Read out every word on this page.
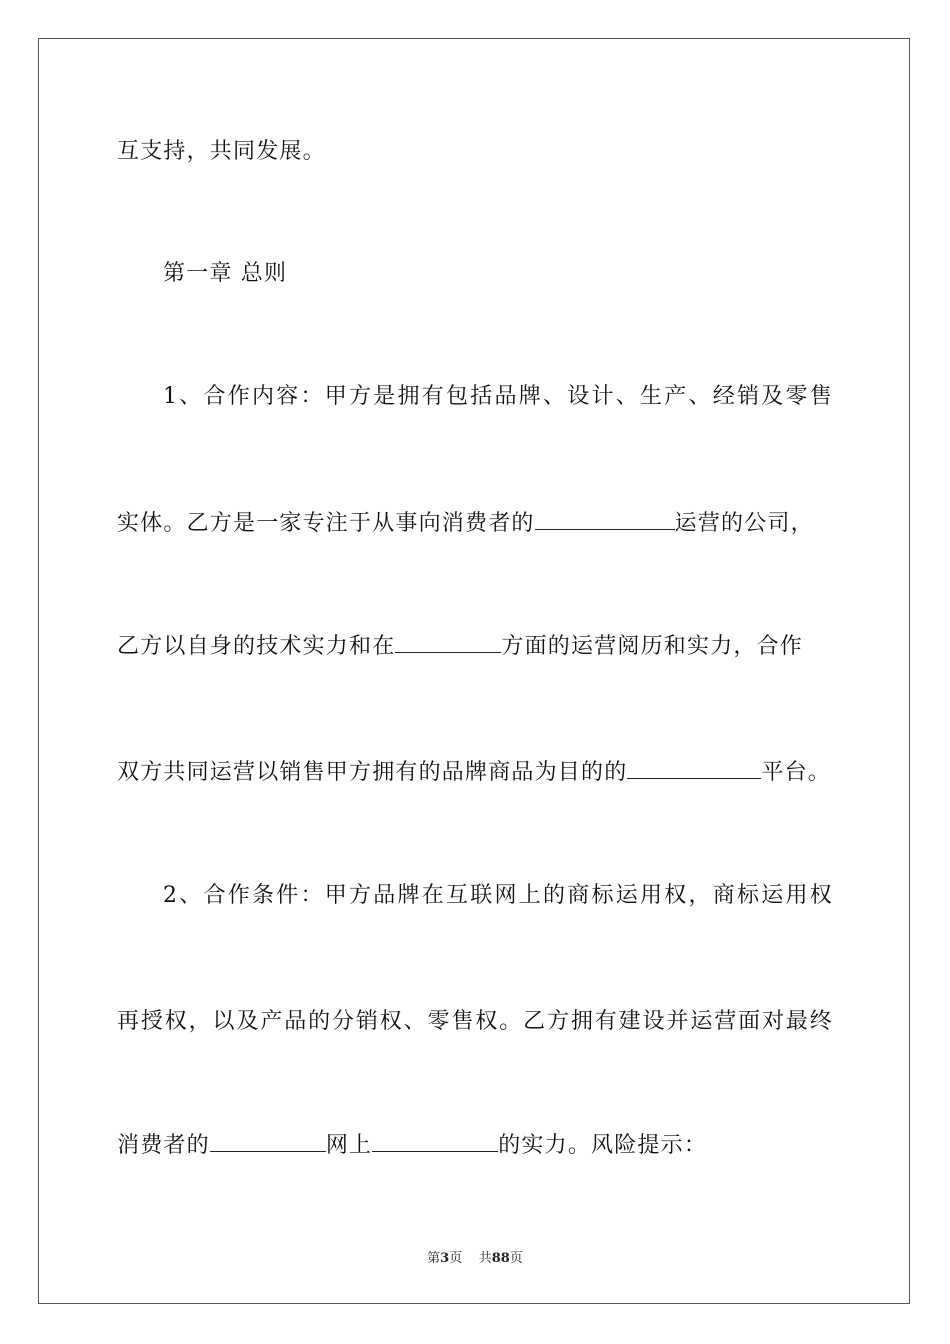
互支持，共同发展。
第一章 总则
1、合作内容：甲方是拥有包括品牌、设计、生产、经销及零售
实体。乙方是一家专注于从事向消费者的	运营的公司，
乙方以自身的技术实力和在	方面的运营阅历和实力，合作
双方共同运营以销售甲方拥有的品牌商品为目的的	平台。
2、合作条件：甲方品牌在互联网上的商标运用权，商标运用权
再授权，以及产品的分销权、零售权。乙方拥有建设并运营面对最终
消费者的	网上	的实力。风险提示：
第3页 共88页
